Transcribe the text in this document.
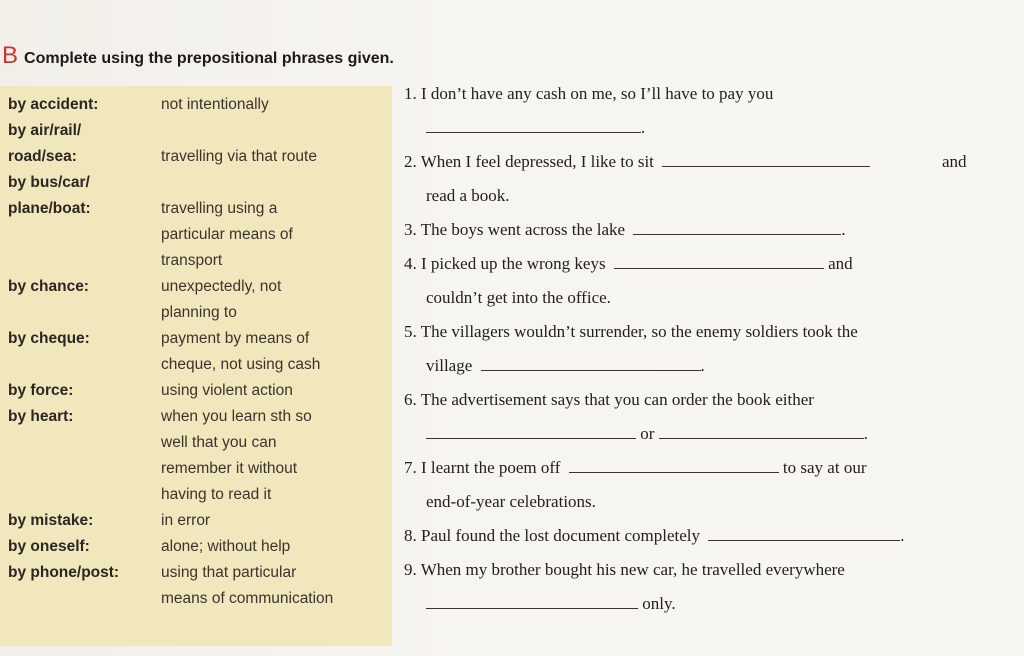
B Complete using the prepositional phrases given.
by accident:	not intentionally
by air/rail/
road/sea:	travelling via that route
by bus/car/
plane/boat:	travelling using a
particular means of
transport
by chance:	unexpectedly, not
planning to
by cheque:	payment by means of
cheque, not using cash
by force:	using violent action
by heart:	when you learn sth so
well that you can
remember it without
having to read it
by mistake:	in error
by oneself:	alone; without help
by phone/post:	using that particular
means of communication
1. I don’t have any cash on me, so I’ll have to pay you
.
2. When I feel depressed, I like to sit	and
read a book.
3. The boys went across the lake	.
4. I picked up the wrong keys	and
couldn’t get into the office.
5. The villagers wouldn’t surrender, so the enemy soldiers took the
village	.
6. The advertisement says that you can order the book either
or	.
7. I learnt the poem off	to say at our
end-of-year celebrations.
8. Paul found the lost document completely	.
9. When my brother bought his new car, he travelled everywhere
only.
